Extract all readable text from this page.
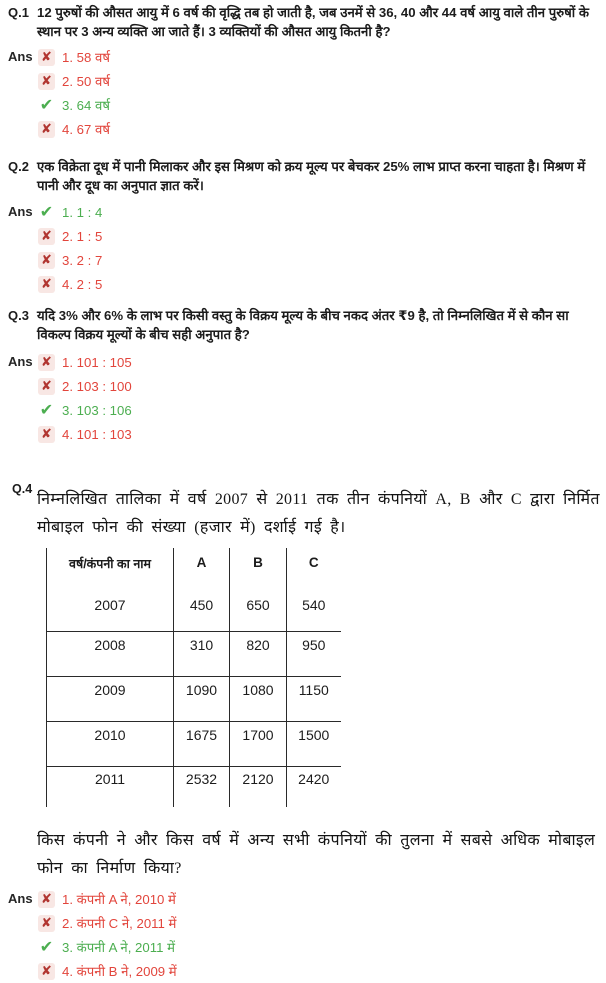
Q.1 12 पुरुषों की औसत आयु में 6 वर्ष की वृद्धि तब हो जाती है, जब उनमें से 36, 40 और 44 वर्ष आयु वाले तीन पुरुषों के स्थान पर 3 अन्य व्यक्ति आ जाते हैं। 3 व्यक्तियों की औसत आयु कितनी है?
Ans ✘	1. 58 वर्ष
✘
2. 50 वर्ष
✔
3. 64 वर्ष
✘
4. 67 वर्ष
Q.2 एक विक्रेता दूध में पानी मिलाकर और इस मिश्रण को क्रय मूल्य पर बेचकर 25% लाभ प्राप्त करना चाहता है। मिश्रण में पानी और दूध का अनुपात ज्ञात करें।
Ans ✔	1. 1 : 4
✘
2. 1 : 5
✘
3. 2 : 7
✘
4. 2 : 5
Q.3 यदि 3% और 6% के लाभ पर किसी वस्तु के विक्रय मूल्य के बीच नकद अंतर ₹9 है, तो निम्नलिखित में से कौन सा विकल्प विक्रय मूल्यों के बीच सही अनुपात है?
Ans ✘	1. 101 : 105
✘
2. 103 : 100
✔
3. 103 : 106
✘
4. 101 : 103
Q.4
निम्नलिखित तालिका में वर्ष 2007 से 2011 तक तीन कंपनियों A, B और C द्वारा निर्मित मोबाइल फोन की संख्या (हजार में) दर्शाई गई है।
वर्ष/कंपनी का नाम	A	B	C
2007	450	650	540
2008	310	820	950
2009	1090	1080	1150
2010	1675	1700	1500
2011	2532	2120	2420
किस कंपनी ने और किस वर्ष में अन्य सभी कंपनियों की तुलना में सबसे अधिक मोबाइल फोन का निर्माण किया?
Ans ✘	1. कंपनी A ने, 2010 में
✘
2. कंपनी C ने, 2011 में
✔
3. कंपनी A ने, 2011 में
✘
4. कंपनी B ने, 2009 में
